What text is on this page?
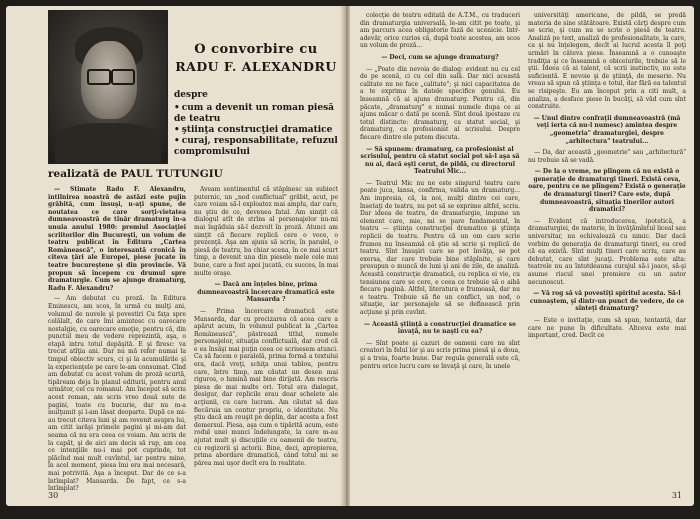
O convorbire cu
RADU F. ALEXANDRU
despre
• cum a devenit un roman piesă de teatru
• ştiinţa construcţiei dramatice
• curaj, responsabilitate, refuzul compromisului
realizată de PAUL TUTUNGIU

— Stimate Radu F. Alexandru, intilnirea noastră de astăzi este pujin grăbită, cum însuşi, n-aţi spune, de noutatea ce care sorţi-vietatea dumneavoastră de tînăr dramaturg în-a unuia anului 1980: premiul Asociaţiei scriitorilor din Bucureşti, un volum de teatru publicat în Editura „Cartea Românească", o interesantă cronică în citeva ţări ale Europei, piese jucate în teatre bucureştene şi din provincie. Vă propun să începem cu drumul spre dramaturgie. Cum se ajunge dramaturg, Radu F. Alexandru?

— Am debutat cu proză. In Editura Eminescu, am scos, în urmă cu mulţi ani, volumul de nuvele şi povestiri Cu faţa spre celălalt, de care îmi amintesc cu oarecare nostalgie, cu oarecare emoţie, pentru că, din punctul meu de vedere reprezintă, aşa, o etapă intru totul depăşită. E şi firesc: va trecut atîţia ani. Dar nu mă refer numai la timpul obiectiv scurs, ci şi la acumulările şi la experienţele pe care le-am consumat. Cînd am debutat cu acest volum de proză scurtă, tipăream deja în planul editurii, pentru anul următor, cel cu romanul. Am început să scriu acest roman, am scris vreo două sute de pagini, toate cu bucurie, dar nu m-a mulţumit şi l-am lăsat deoparte. După ce mi-au trecut citeva luni şi am revenit asupra lui, am citit iarăşi primele pagini şi mi-am dat seama că nu era ceea ce voiam. Am scris de la capăt, şi de aici am decis să rup, am cea ce intenţiile nu-i mai pot cuprinde, tot plăcînd mai mult cuvîntul, iar pentru mine, în acel moment, piesa îmi era mai necesară, mai potrivită. Aşa a început. Dar de ce s-a întîmplat? Mansarda. De fapt, ce s-a întîmplat?

Aveam sentimentul că stăpînesc un subiect puternic, un „nod conflictual" grăbit, acut, pe care voiam să-l exploatez mai amplu, dar care, nu ştiu de ce, devenea fatal. Am simţit că dialogul atît de strîns al personajelor nu-mi mai îngăduia să-l dezvolt în proză. Atunci am simţit că fiecare replică cere o voce, o prezenţă. Aşa am ajuns să scriu, în paralel, o piesă de teatru, ba chiar scena, în ce mai scurt timp, a devenit una din piesele mele cele mai bune, care a fost apoi jucată, cu succes, în mai multe oraşe.

— Dacă am înţeles bine, prima dumneavoastră încercare dramatică este Mansarda ?

— Prima încercare dramatică este Mansarda, dar cu precizarea că acea care a apărut acum, în volumul publicat la „Cartea Românească", păstrează titlul, numele personajelor, situaţia conflictuală, dar cred că e ea însăşi mai puţin ceea ce scrisesem atunci. Ca să facem o paralelă, prima formă a textului era, dacă vreţi, schiţa unui tablou, pentru care, între timp, am căutat un desen mai riguros, o lumină mai bine dirijată. Am rescris piesa de mai multe ori. Totul era dialogat, desigur, dar replicile erau doar schelete ale acţiunii, cu care lucram. Am căutat să dau fiecăruia un contur propriu, o identitate. Nu ştiu dacă am reuşit pe deplin, dar acesta a fost demersul. Piesa, aşa cum e tipărită acum, este rodul unei munci îndelungate, la care m-au ajutat mult şi discuţiile cu oamenii de teatru, cu regizorii şi actorii. Bine, deci, apropierea, prima abordare dramatică, când totul mi se părea mai uşor decît era în realitate.

30

colecţie de teatru editată de A.T.M., cu traduceri din dramaturgia universală, le-am citit pe toate, şi am parcurs acea obligatorie fază de ucenicie. Intr-adevăr, orice curios că, după toate acestea, am scos un volum de proză...

— Deci, cum se ajunge dramaturg?

— „Poate din nevoia de dialog: evident nu cu cel de pe scenă, ci cu cel din sală. Dar nici această calitate nu ne face „calitate"; şi nici capacitatea de a te exprima în datele specifice genului. Eu înseamnă că ai ajuns dramaturg. Pentru că, din păcate, „dramaturg" e numai numele dupa ce ai ajuns măcar o dată pe scenă. Sînt două ipostaze cu totul distincte: dramaturg, ca statut social, şi dramaturg, ca profesionist al scrisului. Despre fiecare dintre ele putem discuta.

— Să spunem: dramaturg, ca profesionist al scrisului, pentru că statut social pot să-l aşa să nu ai, dacă eşti cerut, de pildă, cu directorul Teatrului Mic...

— Teatrul Mic nu ne este singurul teatru care poate juca, lansa, confirma, valida un dramaturg... Am impresia, că, la noi, mulţi dintre cei care, însetaţi de teatru, nu pot să se exprime altfel, scriu. Dar ideea de teatru, de dramaturgie, impune un element care, mie, mi se pare fundamental, în teatru — ştiinţa construcţiei dramatice şi ştiinţa replicii de teatru. Pentru că un om care scrie frumos nu înseamnă că ştie să scrie şi replică de teatru. Sînt însuşiri care se pot învăţa, se pot exersa, dar care trebuie bine stăpînite, şi care presupun o muncă de luni şi ani de zile, de analiză. Această construcţie dramatică, cu replica ei vie, cu tensiunea care se cere, e ceea ce trebuie să o aibă fiecare pagină. Altfel, literatura e frumoasă, dar nu e teatru. Trebuie să fie un conflict, un nod, o situaţie, iar personajele să se definească prin acţiune şi prin cuvînt.

— Această ştiinţă a construcţiei dramatice se învaţă, nu te naşti cu ea?

— Sînt poate şi cazuri de oameni care nu sînt creatori în felul lor şi au scris prima piesă şi a doua, şi a treia, foarte bune. Dar regula generală este că, pentru orice lucru care se învaţă şi care, în unele

universităţi americane, de pildă, se predă materia de sine stătătoare. Există cărţi despre cum se scrie, şi cum nu se scrie o piesă de teatru. Analiză pe text, analiză de profesionalitate, la care, ca şi nu înţelegem, decît ai lucrul acesta îl poţi urmări în câteva piese. Înseamnă a o cunoaşte tradiţia şi ce înseamnă o obiceiurile, trebuie să le ştii. Ideea că ai talent, că scrii instinctiv, nu este suficientă. E nevoie şi de ştiinţă, de meserie. Nu vreau să spun că ştiinţa e totul, dar fără ea talentul se risipeşte. Eu am început prin a citi mult, a analiza, a desface piese în bucăţi, să văd cum sînt construite.

— Unul dintre confraţii dumneavoastră (mă veţi ierta că nu-l numesc) amintea despre „geometria" dramaturgiei, despre „arhitectura" teatrului...

— Da, dar această „geometrie" sau „arhitectură" nu trebuie să se vadă.

— De la o vreme, ne plîngem că nu există o generaţie de dramaturgi tineri. Există ceva, oare, pentru ce ne plîngem? Există o generaţie de dramaturgi tineri? Care este, după dumneavoastră, situaţia tinerilor autori dramatici?

— Evident că introducerea, ipotetică, a dramaturgiei, de materie, în învăţămîntul liceal sau universitar, nu echivalează cu nimic. Dar dacă vorbim de generaţia de dramaturgi tineri, eu cred că ea există. Sînt mulţi tineri care scriu, care au debutat, care sînt jucaţi. Problema este alta: teatrele nu au întotdeauna curajul să-i joace, să-şi asume riscul unei premiere cu un autor necunoscut.

— Vă rog să vă povestiţi spiritul acesta. Să-l cunoaştem, şi dintr-un punct de vedere, de ce sînteţi dramaturg?

— Este o invitaţie, cum să spun, tentantă, dar care ne pune în dificultate. Altceva este mai important, cred. Decît ce

31
